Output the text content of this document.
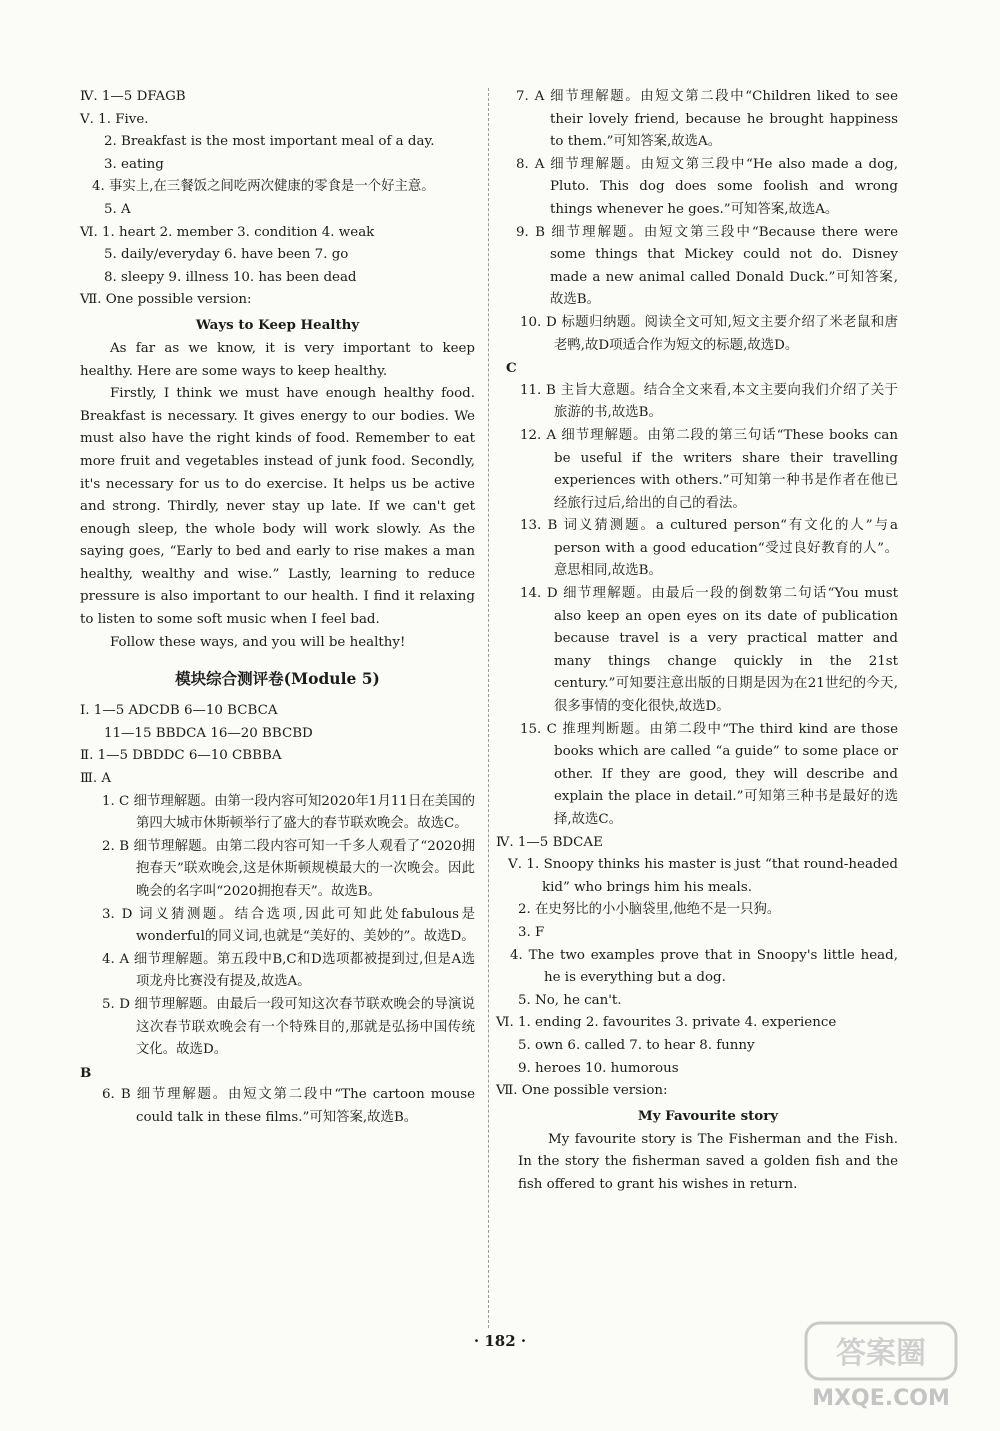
Ⅳ. 1—5 DFAGB
Ⅴ. 1. Five.
2. Breakfast is the most important meal of a day.
3. eating
4. 事实上,在三餐饭之间吃两次健康的零食是一个好主意。
5. A
Ⅵ. 1. heart 2. member 3. condition 4. weak
5. daily/everyday 6. have been 7. go
8. sleepy 9. illness 10. has been dead
Ⅶ. One possible version:
Ways to Keep Healthy
As far as we know, it is very important to keep healthy. Here are some ways to keep healthy.
Firstly, I think we must have enough healthy food. Breakfast is necessary. It gives energy to our bodies. We must also have the right kinds of food. Remember to eat more fruit and vegetables instead of junk food. Secondly, it's necessary for us to do exercise. It helps us be active and strong. Thirdly, never stay up late. If we can't get enough sleep, the whole body will work slowly. As the saying goes, “Early to bed and early to rise makes a man healthy, wealthy and wise.” Lastly, learning to reduce pressure is also important to our health. I find it relaxing to listen to some soft music when I feel bad.
Follow these ways, and you will be healthy!
模块综合测评卷(Module 5)
Ⅰ. 1—5 ADCDB 6—10 BCBCA
11—15 BBDCA 16—20 BBCBD
Ⅱ. 1—5 DBDDC 6—10 CBBBA
Ⅲ. A
1. C 细节理解题。由第一段内容可知2020年1月11日在美国的第四大城市休斯顿举行了盛大的春节联欢晚会。故选C。
2. B 细节理解题。由第二段内容可知一千多人观看了“2020拥抱春天”联欢晚会,这是休斯顿规模最大的一次晚会。因此晚会的名字叫“2020拥抱春天”。故选B。
3. D 词义猜测题。结合选项,因此可知此处fabulous是wonderful的同义词,也就是“美好的、美妙的”。故选D。
4. A 细节理解题。第五段中B,C和D选项都被提到过,但是A选项龙舟比赛没有提及,故选A。
5. D 细节理解题。由最后一段可知这次春节联欢晚会的导演说这次春节联欢晚会有一个特殊目的,那就是弘扬中国传统文化。故选D。
B
6. B 细节理解题。由短文第二段中“The cartoon mouse could talk in these films.”可知答案,故选B。
7. A 细节理解题。由短文第二段中“Children liked to see their lovely friend, because he brought happiness to them.”可知答案,故选A。
8. A 细节理解题。由短文第三段中“He also made a dog, Pluto. This dog does some foolish and wrong things whenever he goes.”可知答案,故选A。
9. B 细节理解题。由短文第三段中“Because there were some things that Mickey could not do. Disney made a new animal called Donald Duck.”可知答案,故选B。
10. D 标题归纳题。阅读全文可知,短文主要介绍了米老鼠和唐老鸭,故D项适合作为短文的标题,故选D。
C
11. B 主旨大意题。结合全文来看,本文主要向我们介绍了关于旅游的书,故选B。
12. A 细节理解题。由第二段的第三句话“These books can be useful if the writers share their travelling experiences with others.”可知第一种书是作者在他已经旅行过后,给出的自己的看法。
13. B 词义猜测题。a cultured person“有文化的人”与a person with a good education“受过良好教育的人”。意思相同,故选B。
14. D 细节理解题。由最后一段的倒数第二句话“You must also keep an open eyes on its date of publication because travel is a very practical matter and many things change quickly in the 21st century.”可知要注意出版的日期是因为在21世纪的今天,很多事情的变化很快,故选D。
15. C 推理判断题。由第二段中“The third kind are those books which are called “a guide” to some place or other. If they are good, they will describe and explain the place in detail.”可知第三种书是最好的选择,故选C。
Ⅳ. 1—5 BDCAE
Ⅴ. 1. Snoopy thinks his master is just “that round-headed kid” who brings him his meals.
2. 在史努比的小小脑袋里,他绝不是一只狗。
3. F
4. The two examples prove that in Snoopy's little head, he is everything but a dog.
5. No, he can't.
Ⅵ. 1. ending 2. favourites 3. private 4. experience
5. own 6. called 7. to hear 8. funny
9. heroes 10. humorous
Ⅶ. One possible version:
My Favourite story
My favourite story is The Fisherman and the Fish. In the story the fisherman saved a golden fish and the fish offered to grant his wishes in return.
· 182 ·	答案圈
MXQE.COM
